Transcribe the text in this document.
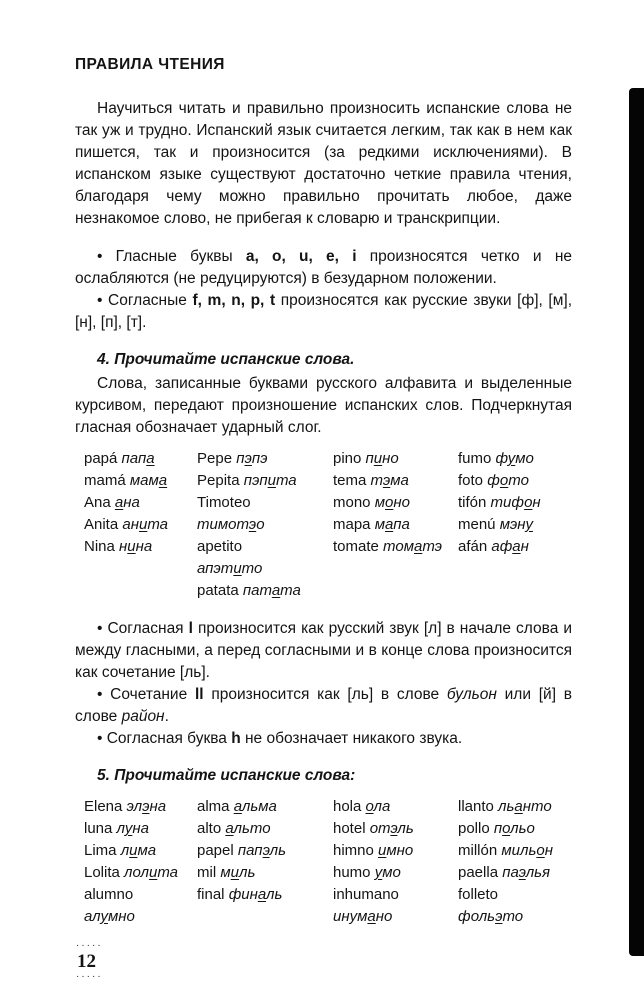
ПРАВИЛА ЧТЕНИЯ

Научиться читать и правильно произносить испанские слова не так уж и трудно. Испанский язык считается легким, так как в нем как пишется, так и произносится (за редкими исключениями). В испанском языке существуют достаточно четкие правила чтения, благодаря чему можно правильно прочитать любое, даже незнакомое слово, не прибегая к словарю и транскрипции.

• Гласные буквы a, o, u, e, i произносятся четко и не ослабляются (не редуцируются) в безударном положении.

• Согласные f, m, n, p, t произносятся как русские звуки [ф], [м], [н], [п], [т].

4. Прочитайте испанские слова.

Слова, записанные буквами русского алфавита и выделенные курсивом, передают произношение испанских слов. Подчеркнутая гласная обозначает ударный слог.

papá папа
mamá мама
Ana ана
Anita анита
Nina нина
Pepe пэпэ
Pepita пэпита
Timoteo
тимотэо
apetito
апэтито
patata патата
pino пино
tema тэма
mono моно
mapa мапа
tomate томатэ
fumo фумо
foto фото
tifón тифон
menú мэну
afán афан

• Согласная l произносится как русский звук [л] в начале слова и между гласными, а перед согласными и в конце слова произносится как сочетание [ль].

• Сочетание ll произносится как [ль] в слове бульон или [й] в слове район.

• Согласная буква h не обозначает никакого звука.

5. Прочитайте испанские слова:

Elena элэна
luna луна
Lima лима
Lolita лолита
alumno
алумно
alma альма
alto альто
papel папэль
mil миль
final финаль
hola ола
hotel отэль
himno имно
humo умо
inhumano
инумано
llanto льанто
pollo польо
millón мильон
paella паэлья
folleto
фольэто
·····
12
·····
